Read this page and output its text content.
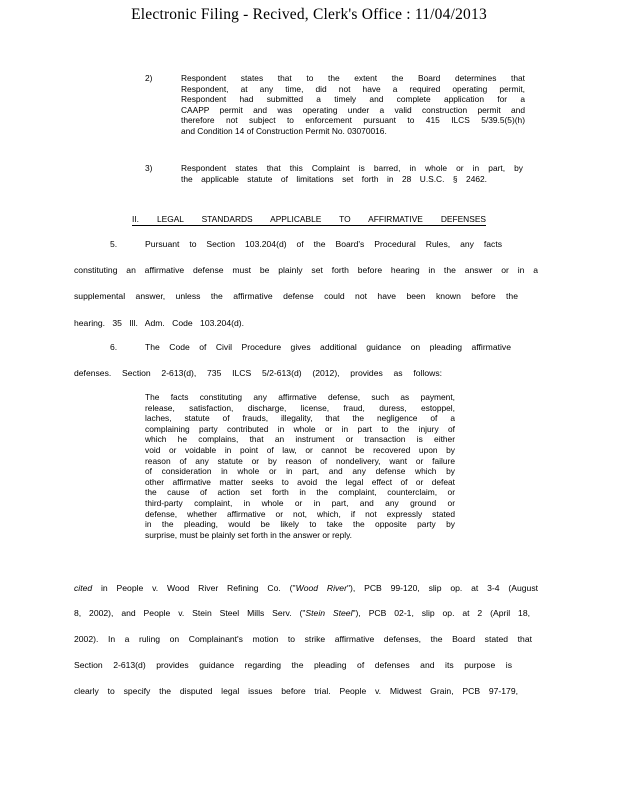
Electronic Filing - Recived, Clerk's Office : 11/04/2013
2)	Respondent states that to the extent the Board determines that
Respondent, at any time, did not have a required operating permit,
Respondent had submitted a timely and complete application for a
CAAPP permit and was operating under a valid construction permit and
therefore not subject to enforcement pursuant to 415 ILCS 5/39.5(5)(h)
and Condition 14 of Construction Permit No. 03070016.
3)	Respondent states that this Complaint is barred, in whole or in part, by
the applicable statute of limitations set forth in 28 U.S.C. § 2462.
II. LEGAL STANDARDS APPLICABLE TO AFFIRMATIVE DEFENSES
5.	Pursuant to Section 103.204(d) of the Board's Procedural Rules, any facts
constituting an affirmative defense must be plainly set forth before hearing in the answer or in a
supplemental answer, unless the affirmative defense could not have been known before the
hearing. 35 Ill. Adm. Code 103.204(d).
6.	The Code of Civil Procedure gives additional guidance on pleading affirmative
defenses. Section 2-613(d), 735 ILCS 5/2-613(d) (2012), provides as follows:
The facts constituting any affirmative defense, such as payment,
release, satisfaction, discharge, license, fraud, duress, estoppel,
laches, statute of frauds, illegality, that the negligence of a
complaining party contributed in whole or in part to the injury of
which he complains, that an instrument or transaction is either
void or voidable in point of law, or cannot be recovered upon by
reason of any statute or by reason of nondelivery, want or failure
of consideration in whole or in part, and any defense which by
other affirmative matter seeks to avoid the legal effect of or defeat
the cause of action set forth in the complaint, counterclaim, or
third-party complaint, in whole or in part, and any ground or
defense, whether affirmative or not, which, if not expressly stated
in the pleading, would be likely to take the opposite party by
surprise, must be plainly set forth in the answer or reply.
cited in People v. Wood River Refining Co. ("Wood River"), PCB 99-120, slip op. at 3-4 (August
8, 2002), and People v. Stein Steel Mills Serv. ("Stein Steel"), PCB 02-1, slip op. at 2 (April 18,
2002). In a ruling on Complainant's motion to strike affirmative defenses, the Board stated that
Section 2-613(d) provides guidance regarding the pleading of defenses and its purpose is
clearly to specify the disputed legal issues before trial. People v. Midwest Grain, PCB 97-179,
